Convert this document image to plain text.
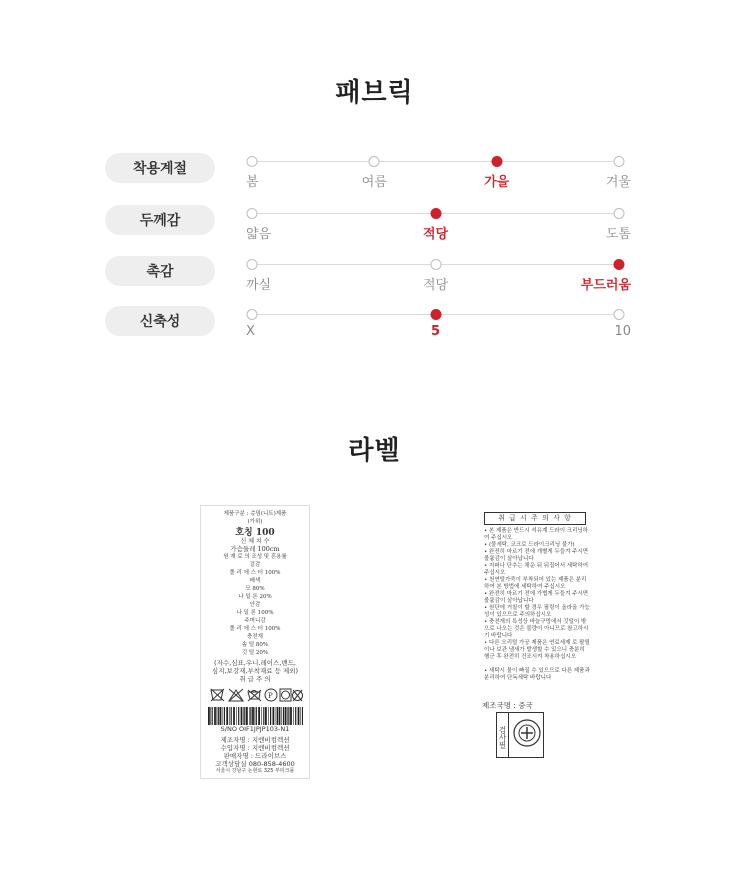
패브릭
착용계절
봄	여름	가을	겨울
두께감
얇음	적당	도톰
촉감
까실	적당	부드러움
신축성
X	5	10
라벨
제품구분 : 층밈(니트)제품
(가위)
호칭 100
신 체 치 수
가슴둘레 100cm
원 재 료 의 조성 및 혼용률
겉감
폴 리 에 스 터 100%
배색
모 80%
나 일 론 20%
안감
나 일 론 100%
주머니감
폴 리 에 스 터 100%
충전재
솜 털 80%
깃 털 20%
(자수,심표,우니,레이스,밴드,
심지,보강재,부착재료 등 제외)
취 급 주 의
P
S/NO OIF1JPJP103-N1
제조자명 : 지엔비컴렉션
수입자명 : 지엔비컴렉션
판매자명 : 드라이브스
고객상담실 080-858-4600
서울시 강남구 논현로 325 부띠크몰
취 급 시 주 의 사 항
• 본 제품은 반드시 석유계 드라이 크리닝하여 주십시오
• (물세탁, 코크로 드라이크리닝 불가)
• 완전히 마르기 전에 개별게 두들겨 주시면 볼륨감이 살아납니다
• 지퍼나 단추는 채운 뒤 뒤집어서 세탁하여 주십시오
• 천연털가죽이 부착되어 있는 제품은 분리하여 본 방법에 세탁하여 주십시오
• 완전히 마르기 전에 가볍게 두들겨 주시면 볼륨감이 살아납니다
• 원단에 거칠이 할 경우 필링이 올라올 가능성이 있으므로 주의하십시오
• 충전재의 특성상 바늘구멍에서 깃털이 밖으로 나오는 것은 불량이 아니므로 참고하시기 바랍니다
• 다른 오리털 가공 제품은 연료세제 로 팔릴이나 보관 냄새가 발생할 수 있으니 충분히 헹군 후 완전히 건조시켜 착용하십시오
• 세탁시 물이 빠질 수 있으므로 다른 제품과 분리하여 단독세탁 바랍니다
제조국명 : 중국
검사필
